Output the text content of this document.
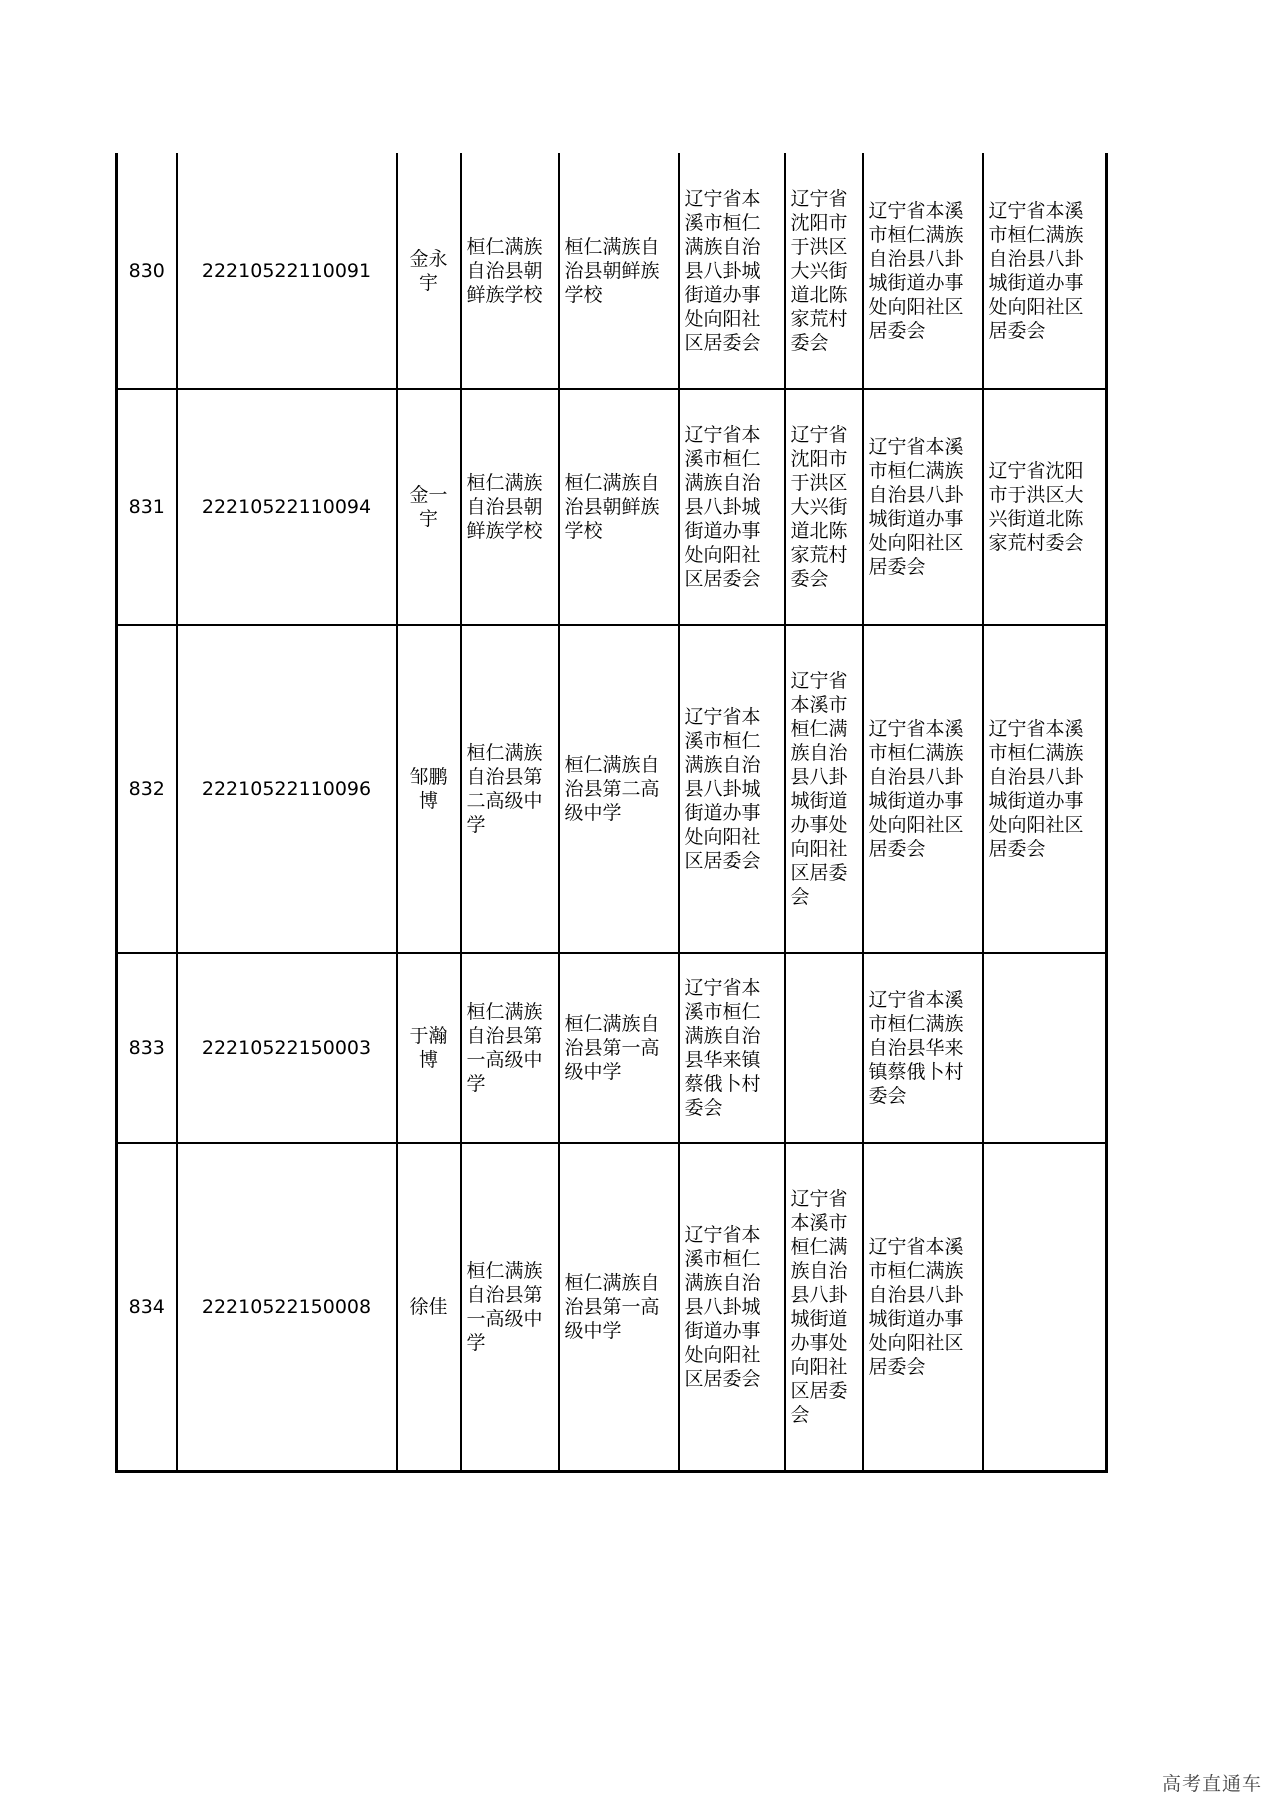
830	22210522110091	金永宇	桓仁满族自治县朝鲜族学校	桓仁满族自治县朝鲜族学校	辽宁省本溪市桓仁满族自治县八卦城街道办事处向阳社区居委会	辽宁省沈阳市于洪区大兴街道北陈家荒村委会	辽宁省本溪市桓仁满族自治县八卦城街道办事处向阳社区居委会	辽宁省本溪市桓仁满族自治县八卦城街道办事处向阳社区居委会
831	22210522110094	金一宇	桓仁满族自治县朝鲜族学校	桓仁满族自治县朝鲜族学校	辽宁省本溪市桓仁满族自治县八卦城街道办事处向阳社区居委会	辽宁省沈阳市于洪区大兴街道北陈家荒村委会	辽宁省本溪市桓仁满族自治县八卦城街道办事处向阳社区居委会	辽宁省沈阳市于洪区大兴街道北陈家荒村委会
832	22210522110096	邹鹏博	桓仁满族自治县第二高级中学	桓仁满族自治县第二高级中学	辽宁省本溪市桓仁满族自治县八卦城街道办事处向阳社区居委会	辽宁省本溪市桓仁满族自治县八卦城街道办事处向阳社区居委会	辽宁省本溪市桓仁满族自治县八卦城街道办事处向阳社区居委会	辽宁省本溪市桓仁满族自治县八卦城街道办事处向阳社区居委会
833	22210522150003	于瀚博	桓仁满族自治县第一高级中学	桓仁满族自治县第一高级中学	辽宁省本溪市桓仁满族自治县华来镇蔡俄卜村委会		辽宁省本溪市桓仁满族自治县华来镇蔡俄卜村委会	
834	22210522150008	徐佳	桓仁满族自治县第一高级中学	桓仁满族自治县第一高级中学	辽宁省本溪市桓仁满族自治县八卦城街道办事处向阳社区居委会	辽宁省本溪市桓仁满族自治县八卦城街道办事处向阳社区居委会	辽宁省本溪市桓仁满族自治县八卦城街道办事处向阳社区居委会	
高考直通车
